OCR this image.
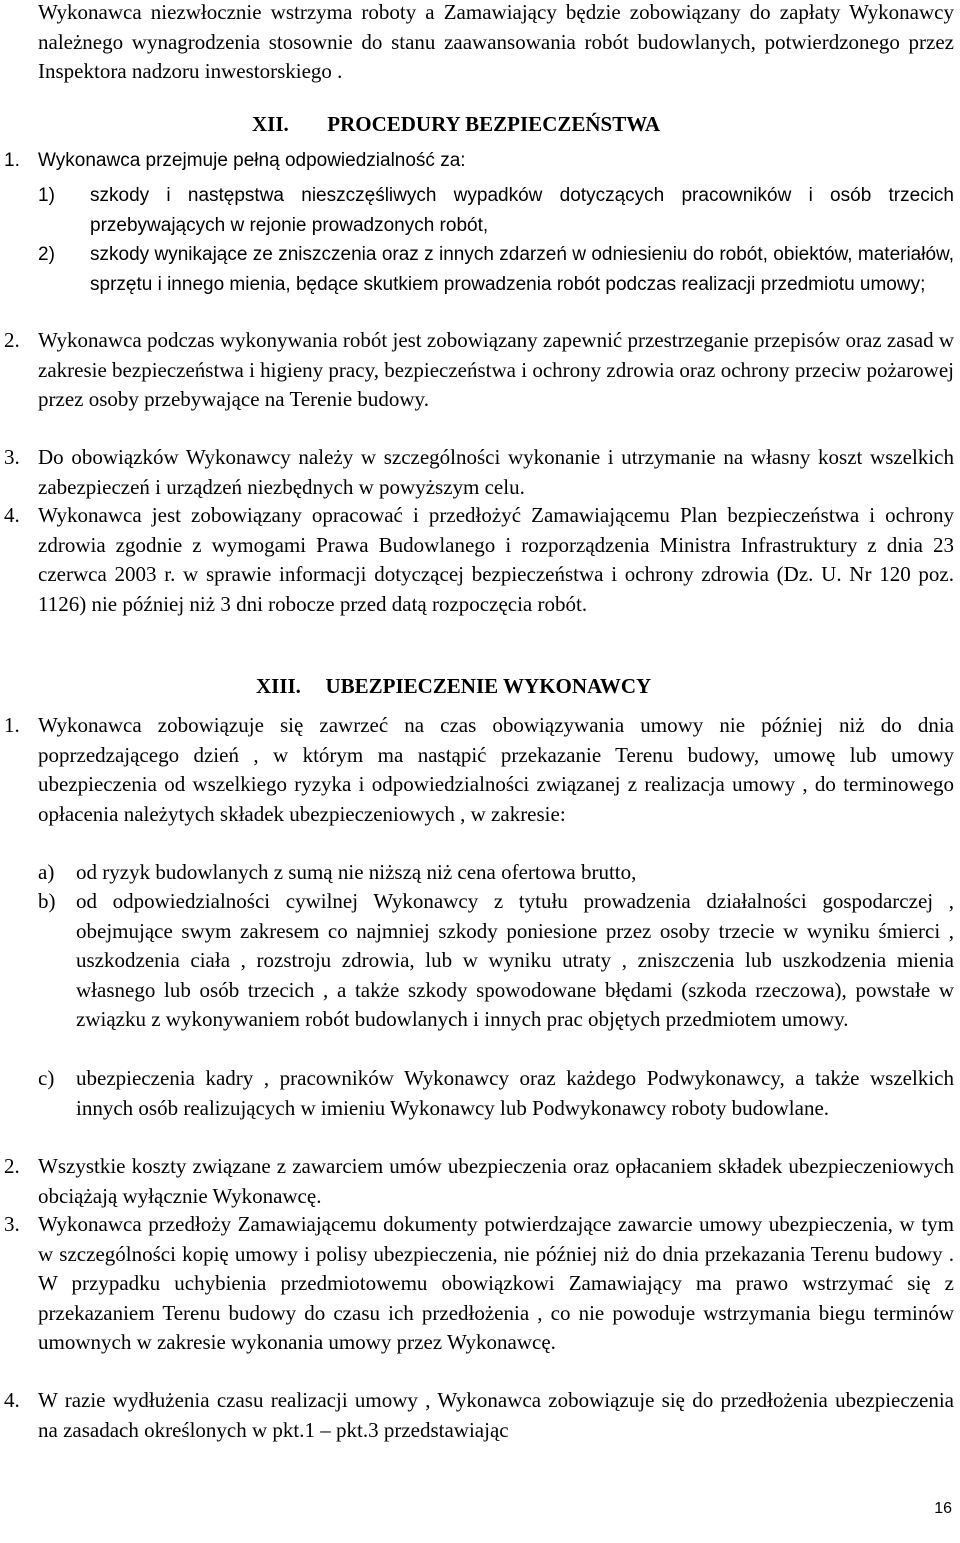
Wykonawca niezwłocznie wstrzyma roboty a Zamawiający będzie zobowiązany do zapłaty Wykonawcy należnego wynagrodzenia stosownie do stanu zaawansowania robót budowlanych, potwierdzonego przez Inspektora nadzoru inwestorskiego .

XII. PROCEDURY BEZPIECZEŃSTWA
1. Wykonawca przejmuje pełną odpowiedzialność za:

1) szkody i następstwa nieszczęśliwych wypadków dotyczących pracowników i osób trzecich przebywających w rejonie prowadzonych robót,

2) szkody wynikające ze zniszczenia oraz z innych zdarzeń w odniesieniu do robót, obiektów, materiałów, sprzętu i innego mienia, będące skutkiem prowadzenia robót podczas realizacji przedmiotu umowy;

2. Wykonawca podczas wykonywania robót jest zobowiązany zapewnić przestrzeganie przepisów oraz zasad w zakresie bezpieczeństwa i higieny pracy, bezpieczeństwa i ochrony zdrowia oraz ochrony przeciw pożarowej przez osoby przebywające na Terenie budowy.

3. Do obowiązków Wykonawcy należy w szczególności wykonanie i utrzymanie na własny koszt wszelkich zabezpieczeń i urządzeń niezbędnych w powyższym celu.

4. Wykonawca jest zobowiązany opracować i przedłożyć Zamawiającemu Plan bezpieczeństwa i ochrony zdrowia zgodnie z wymogami Prawa Budowlanego i rozporządzenia Ministra Infrastruktury z dnia 23 czerwca 2003 r. w sprawie informacji dotyczącej bezpieczeństwa i ochrony zdrowia (Dz. U. Nr 120 poz. 1126) nie później niż 3 dni robocze przed datą rozpoczęcia robót.

XIII. UBEZPIECZENIE WYKONAWCY
1. Wykonawca zobowiązuje się zawrzeć na czas obowiązywania umowy nie później niż do dnia poprzedzającego dzień , w którym ma nastąpić przekazanie Terenu budowy, umowę lub umowy ubezpieczenia od wszelkiego ryzyka i odpowiedzialności związanej z realizacja umowy , do terminowego opłacenia należytych składek ubezpieczeniowych , w zakresie:

a) od ryzyk budowlanych z sumą nie niższą niż cena ofertowa brutto,

b) od odpowiedzialności cywilnej Wykonawcy z tytułu prowadzenia działalności gospodarczej , obejmujące swym zakresem co najmniej szkody poniesione przez osoby trzecie w wyniku śmierci , uszkodzenia ciała , rozstroju zdrowia, lub w wyniku utraty , zniszczenia lub uszkodzenia mienia własnego lub osób trzecich , a także szkody spowodowane błędami (szkoda rzeczowa), powstałe w związku z wykonywaniem robót budowlanych i innych prac objętych przedmiotem umowy.

c) ubezpieczenia kadry , pracowników Wykonawcy oraz każdego Podwykonawcy, a także wszelkich innych osób realizujących w imieniu Wykonawcy lub Podwykonawcy roboty budowlane.

2. Wszystkie koszty związane z zawarciem umów ubezpieczenia oraz opłacaniem składek ubezpieczeniowych obciążają wyłącznie Wykonawcę.

3. Wykonawca przedłoży Zamawiającemu dokumenty potwierdzające zawarcie umowy ubezpieczenia, w tym w szczególności kopię umowy i polisy ubezpieczenia, nie później niż do dnia przekazania Terenu budowy . W przypadku uchybienia przedmiotowemu obowiązkowi Zamawiający ma prawo wstrzymać się z przekazaniem Terenu budowy do czasu ich przedłożenia , co nie powoduje wstrzymania biegu terminów umownych w zakresie wykonania umowy przez Wykonawcę.

4. W razie wydłużenia czasu realizacji umowy , Wykonawca zobowiązuje się do przedłożenia ubezpieczenia na zasadach określonych w pkt.1 – pkt.3 przedstawiając

16
